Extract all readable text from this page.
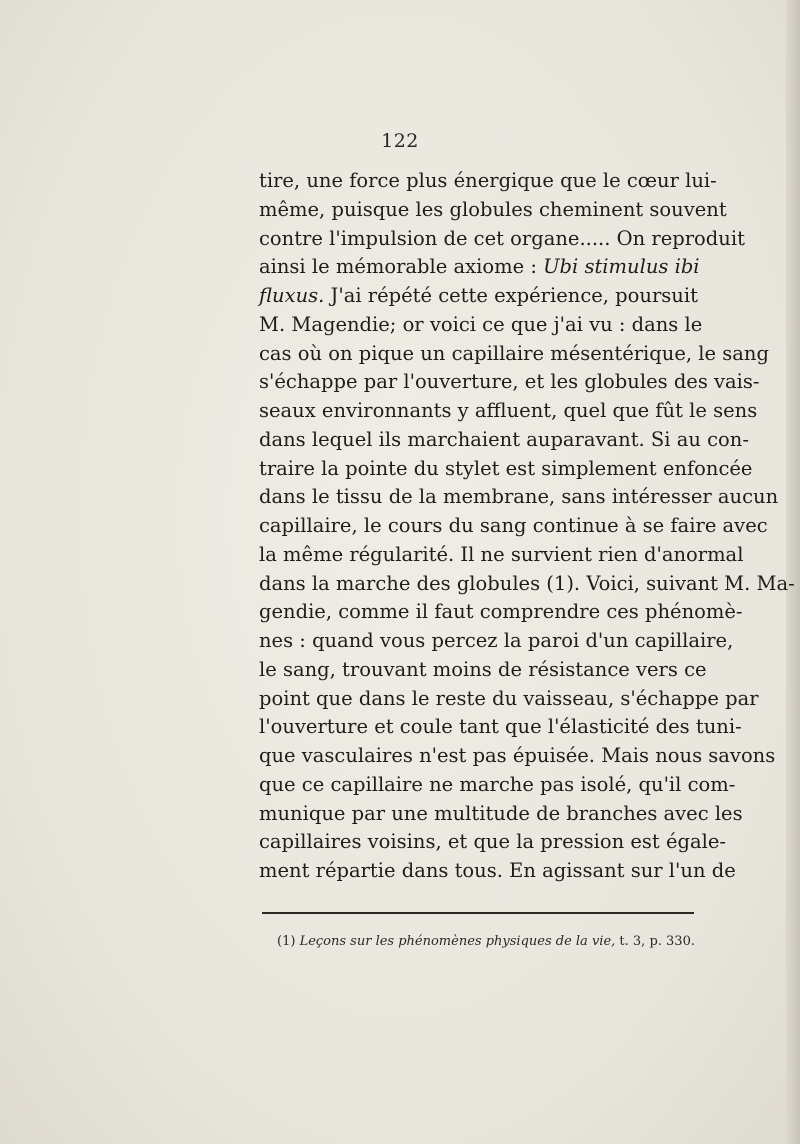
122
tire, une force plus énergique que le cœur lui-
même, puisque les globules cheminent souvent
contre l'impulsion de cet organe..... On reproduit
ainsi le mémorable axiome : Ubi stimulus ibi
fluxus. J'ai répété cette expérience, poursuit
M. Magendie; or voici ce que j'ai vu : dans le
cas où on pique un capillaire mésentérique, le sang
s'échappe par l'ouverture, et les globules des vais-
seaux environnants y affluent, quel que fût le sens
dans lequel ils marchaient auparavant. Si au con-
traire la pointe du stylet est simplement enfoncée
dans le tissu de la membrane, sans intéresser aucun
capillaire, le cours du sang continue à se faire avec
la même régularité. Il ne survient rien d'anormal
dans la marche des globules (1). Voici, suivant M. Ma-
gendie, comme il faut comprendre ces phénomè-
nes : quand vous percez la paroi d'un capillaire,
le sang, trouvant moins de résistance vers ce
point que dans le reste du vaisseau, s'échappe par
l'ouverture et coule tant que l'élasticité des tuni-
que vasculaires n'est pas épuisée. Mais nous savons
que ce capillaire ne marche pas isolé, qu'il com-
munique par une multitude de branches avec les
capillaires voisins, et que la pression est égale-
ment répartie dans tous. En agissant sur l'un de
(1) Leçons sur les phénomènes physiques de la vie, t. 3, p. 330.
